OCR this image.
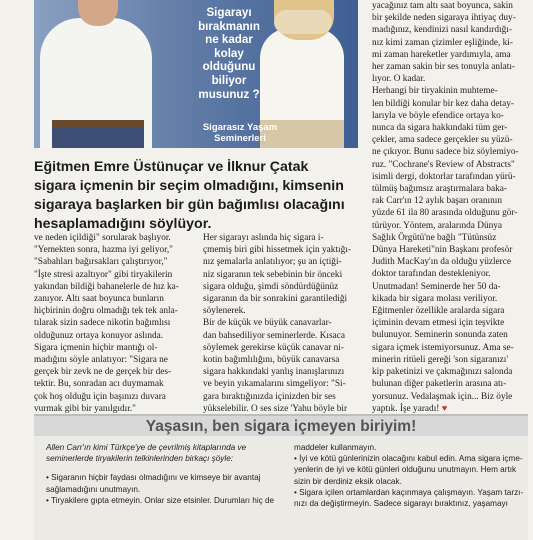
Sigarayı
bırakmanın
ne kadar
kolay
olduğunu
biliyor
musunuz ?
Sigarasız Yaşam
Seminerleri
Eğitmen Emre Üstünuçar ve İlknur Çatak
sigara içmenin bir seçim olmadığını, kimsenin
sigaraya başlarken bir gün bağımlısı olacağını
hesaplamadığını söylüyor.
ve neden içildiği" sorularak başlıyor.
"Yemekten sonra, hazma iyi geliyor,"
"Sabahları bağırsakları çalıştırıyor,"
"İşte stresi azaltıyor" gibi tiryakilerin
yakından bildiği bahanelerle de hız ka-
zanıyor. Altı saat boyunca bunların
hiçbirinin doğru olmadığı tek tek anla-
tılarak sizin sadece nikotin bağımlısı
olduğunuz ortaya konuyor aslında.
Sigara içmenin hiçbir mantığı ol-
madığını söyle anlatıyor: "Sigara ne
gerçek bir zevk ne de gerçek bir des-
tektir. Bu, sonradan acı duymamak
çok hoş olduğu için başınızı duvara
vurmak gibi bir yanılgıdır."
Her sigarayı aslında hiç sigara i-
çmemiş biri gibi hissetmek için yaktığı-
nız şemalarla anlatılıyor; şu an içtiği-
niz sigaranın tek sebebinin bir önceki
sigara olduğu, şimdi söndürdüğünüz
sigaranın da bir sonrakini garantilediği
söylenerek.
Bir de küçük ve büyük canavarlar-
dan bahsediliyor seminerlerde. Kısaca
söylemek gerekirse küçük canavar ni-
kotin bağımlılığını, büyük canavarsa
sigara hakkındaki yanlış inanışlarınızı
ve beyin yıkamalarını simgeliyor: "Si-
gara bıraktığınızda içinizden bir ses
yükselebilir. O ses size 'Yahu böyle bir
yacağınız tam altı saat boyunca, sakin
bir şekilde neden sigaraya ihtiyaç duy-
madığınız, kendinizi nasıl kandırdığı-
nız kimi zaman çizimler eşliğinde, ki-
mi zaman hareketler yardımıyla, ama
her zaman sakin bir ses tonuyla anlatı-
lıyor. O kadar.
Herhangi bir tiryakinin muhteme-
len bildiği konular bir kez daha detay-
larıyla ve böyle efendice ortaya ko-
nunca da sigara hakkındaki tüm ger-
çekler, ama sadece gerçekler su yüzü-
ne çıkıyor. Bunu sadece biz söylemiyo-
ruz. "Cochrane's Review of Abstracts"
isimli dergi, doktorlar tarafından yürü-
tülmüş bağımsız araştırmalara baka-
rak Carr'ın 12 aylık başarı oranının
yüzde 61 ila 80 arasında olduğunu gör-
türüyor. Yöntem, aralarında Dünya
Sağlık Örgütü'ne bağlı "Tütünsüz
Dünya Hareketi"nin Başkanı profesör
Judith MacKay'ın da olduğu yüzlerce
doktor tarafından destekleniyor.
Unutmadan! Seminerde her 50 da-
kikada bir sigara molası veriliyor.
Eğitmenler özellikle aralarda sigara
içiminin devam etmesi için teşvikte
bulunuyor. Seminerin sonunda zaten
sigara içmek istemiyorsunuz. Ama se-
minerin ritüeli gereği 'son sigaranızı'
kip paketinizi ve çakmağınızı salonda
bulunan diğer paketlerin arasına atı-
yorsunuz. Vedalaşmak için... Biz öyle
yaptık. İşe yaradı! ♥
Yaşasın, ben sigara içmeyen biriyim!
Allen Carr'ın kimi Türkçe'ye de çevrilmiş kitaplarında ve
seminerlerde tiryakilerin telkinlerinden birkaçı şöyle:
• Sigaranın hiçbir faydası olmadığını ve kimseye bir avantaj
sağlamadığını unutmayın.
• Tiryakilere gıpta etmeyin. Onlar size etsinler. Durumları hiç de
maddeler kullanmayın.
• İyi ve kötü günlerinizin olacağını kabul edin. Ama sigara içme-
yenlerin de iyi ve kötü günleri olduğunu unutmayın. Hem artık
sizin bir derdiniz eksik olacak.
• Sigara içilen ortamlardan kaçınmaya çalışmayın. Yaşam tarzı-
nızı da değiştirmeyin. Sadece sigarayı bıraktınız, yaşamayı
